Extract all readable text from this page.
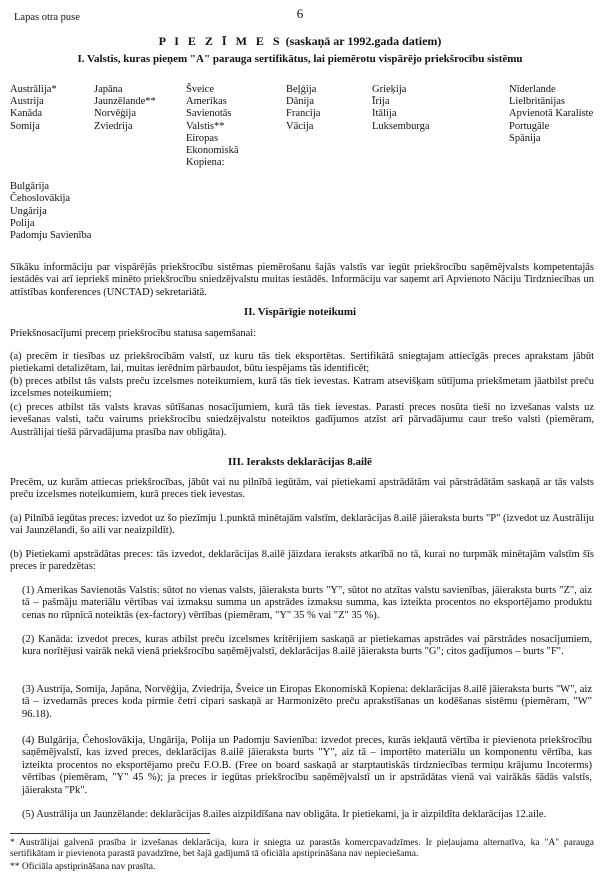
6
Lapas otra puse
P I E Z Ī M E S (saskaņā ar 1992.gada datiem)
I. Valstis, kuras pieņem "A" parauga sertifikātus, lai piemērotu vispārējo priekšrocību sistēmu
Austrālija*
Austrija
Kanāda
Somija
Japāna
Jaunzēlande**
Norvēģija
Zviedrija
Šveice
Amerikas
Savienotās
Valstis**
Eiropas
Ekonomiskā
Kopiena:
Beļģija
Dānija
Francija
Vācija
Grieķija
Īrija
Itālija
Luksemburga
Nīderlande
Lielbritānijas
Apvienotā Karaliste
Portugāle
Spānija
Bulgārija
Čehoslovākija
Ungārija
Polija
Padomju Savienība
Sīkāku informāciju par vispārējās priekšrocību sistēmas piemērošanu šajās valstīs var iegūt priekšrocību saņēmējvalsts kompetentajās iestādēs vai arī iepriekš minēto priekšrocību sniedzējvalstu muitas iestādēs. Informāciju var saņemt arī Apvienoto Nāciju Tirdzniecības un attīstības konferences (UNCTAD) sekretariātā.
II. Vispārīgie noteikumi
Priekšnosacījumi preceṃ priekšrocību statusa saņemšanai:
(a) precēm ir tiesības uz priekšrocībām valstī, uz kuru tās tiek eksportētas. Sertifikātā sniegtajam attiecīgās preces aprakstam jābūt pietiekami detalizētam, lai, muitas ierēdnim pārbaudot, būtu iespējams tās identificēt;
(b) preces atbilst tās valsts preču izcelsmes noteikumiem, kurā tās tiek ievestas. Katram atsevišķam sūtījuma priekšmetam jāatbilst preču izcelsmes noteikumiem;
(c) preces atbilst tās valsts kravas sūtīšanas nosacījumiem, kurā tās tiek ievestas. Parasti preces nosūta tieši no izvešanas valsts uz ievešanas valsti, taču vairums priekšrocību sniedzējvalstu noteiktos gadījumos atzīst arī pārvadājumu caur trešo valsti (piemēram, Austrālijai tiešā pārvadājuma prasība nav obligāta).
III. Ieraksts deklarācijas 8.ailē
Precēm, uz kurām attiecas priekšrocības, jābūt vai nu pilnībā iegūtām, vai pietiekami apstrādātām vai pārstrādātām saskaņā ar tās valsts preču izcelsmes noteikumiem, kurā preces tiek ievestas.
(a) Pilnībā iegūtas preces: izvedot uz šo piezīmju 1.punktā minētajām valstīm, deklarācijas 8.ailē jāieraksta burts "P" (izvedot uz Austrāliju vai Jaunzēlandi, šo aili var neaizpildīt).
(b) Pietiekami apstrādātas preces: tās izvedot, deklarācijas 8.ailē jāizdara ieraksts atkarībā no tā, kurai no turpmāk minētajām valstīm šīs preces ir paredzētas:
(1) Amerikas Savienotās Valstis: sūtot no vienas valsts, jāieraksta burts "Y", sūtot no atzītas valstu savienības, jāieraksta burts "Z", aiz tā – pašmāju materiālu vērtības vai izmaksu summa un apstrādes izmaksu summa, kas izteikta procentos no eksportējamo produktu cenas no rūpnīcā noteiktās (ex-factory) vērtības (piemēram, "Y" 35 % vai "Z" 35 %).
(2) Kanāda: izvedot preces, kuras atbilst preču izcelsmes kritērijiem saskaņā ar pietiekamas apstrādes vai pārstrādes nosacījumiem, kura norītējusi vairāk nekā vienā priekšrocību saņēmējvalstī, deklarācijas 8.ailē jāieraksta burts "G"; citos gadījumos – burts "F".
(3) Austrija, Somija, Japāna, Norvēģija, Zviedrija, Šveice un Eiropas Ekonomiskā Kopiena: deklarācijas 8.ailē jāieraksta burts "W", aiz tā – izvedamās preces koda pirmie četri cipari saskaņā ar Harmonizēto preču aprakstīšanas un kodēšanas sistēmu (piemēram, "W" 96.18).
(4) Bulgārija, Čehoslovākija, Ungārija, Polija un Padomju Savienība: izvedot preces, kurās iekļautā vērtība ir pievienota priekšrocību saņēmējvalstī, kas izved preces, deklarācijas 8.ailē jāieraksta burts "Y", aiz tā – importēto materiālu un komponentu vērtība, kas izteikta procentos no eksportējamo preču F.O.B. (Free on board saskaņā ar starptautiskās tirdzniecības termiņu krājumu Incoterms) vērtības (piemēram, "Y" 45 %); ja preces ir iegūtas priekšrocību saņēmējvalstī un ir apstrādātas vienā vai vairākās šādās valstīs, jāieraksta "Pk".
(5) Austrālija un Jaunzēlande: deklarācijas 8.ailes aizpildīšana nav obligāta. Ir pietiekami, ja ir aizpildīta deklarācijas 12.aile.
* Austrālijai galvenā prasība ir izvešanas deklarācija, kura ir sniegta uz parastās komercpavadzīmes. Ir pieļaujama alternatīva, ka "A" parauga sertifikātam ir pievienota parastā pavadzīme, bet šajā gadījumā tā oficiāla apstiprināšana nav nepieciešama.
** Oficiāla apstiprināšana nav prasīta.
